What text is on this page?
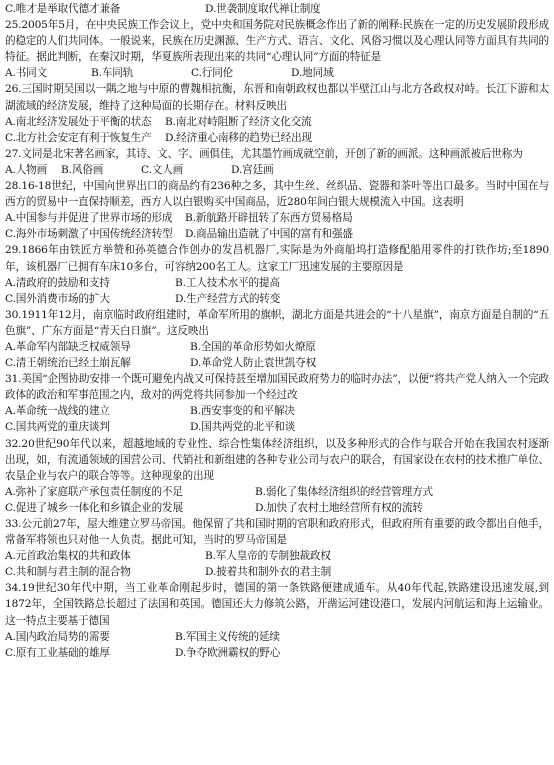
C.唯才是举取代德才兼备	D.世袭制度取代禅让制度
25.2005年5月，在中央民族工作会议上，党中央和国务院对民族概念作出了新的阐释:民族在一定的历史发展阶段形成的稳定的人们共同体。一般说来，民族在历史渊源、生产方式、语言、文化、风俗习惯以及心理认同等方面具有共同的特征。据此判断，在秦汉时期，华夏族所表现出来的共同“心理认同”方面的特征是
A.书同文	B.车同轨	C.行同伦	D.地同域
26.三国时期吴国以一隅之地与中原的曹魏相抗衡，东晋和南朝政权也都以半壁江山与北方各政权对峙。长江下游和太湖流域的经济发展，维持了这种局面的长期存在。材料反映出
A.南北经济发展处于平衡的状态	B.南北对峙阻断了经济文化交流
C.北方社会安定有利于恢复生产	D.经济重心南移的趋势已经出现
27.文同是北宋著名画家，其诗、文、字、画俱佳，尤其墨竹画成就空前，开创了新的画派。这种画派被后世称为
A.人物画	B.风俗画	C.文人画	D.宫廷画
28.16-18世纪，中国向世界出口的商品约有236种之多，其中生丝、丝织品、瓷器和茶叶等出口最多。当时中国在与西方的贸易中一直保持顺差，西方人以白银购买中国商品，近280年间白银大规模流入中国。这表明
A.中国参与并促进了世界市场的形成	B.新航路开辟扭转了东西方贸易格局
C.海外市场刺激了中国传统经济转型	D.商品输出造就了中国的富有和强盛
29.1866年由铁匠方举赞和孙英德合作创办的发昌机器厂,实际是为外商船坞打造修配船用零件的打铁作坊;至1890年，该机器厂已拥有车床10多台，可容纳200名工人。这家工厂迅速发展的主要原因是
A.清政府的鼓励和支持	B.工人技术水平的提高
C.国外消费市场的扩大	D.生产经营方式的转变
30.1911年12月，南京临时政府组建时，革命军所用的旗帜，湖北方面是共进会的“十八星旗”，南京方面是自制的“五色旗”、广东方面是“青天白日旗”。这反映出
A.革命军内部缺乏权威领导	B.全国的革命形势如火燎原
C.清王朝统治已经土崩瓦解	D.革命党人防止袁世凯夺权
31.美国“企图协助安排一个既可避免内战又可保持甚至增加国民政府势力的临时办法”，以便“将共产党人纳入一个完政政体的政治和军事范围之内，敌对的两党将共同参加一个经过改
A.革命统一战线的建立	B.西安事变的和平解决
C.国共两党的重庆谈判	D.国共两党的北平和谈
32.20世纪90年代以来，超越地域的专业性、综合性集体经济组织，以及多种形式的合作与联合开始在我国农村逐渐出现，如，有流通领域的国营公司、代销社和新组建的各种专业公司与农户的联合，有国家设在农村的技术推广单位、农垦企业与农户的联合等等。这种现象的出现
A.弥补了家庭联产承包责任制度的不足	B.弱化了集体经济组织的经营管理方式
C.促进了城乡一体化和乡镇企业的发展	D.加快了农村土地经营所有权的流转
33.公元前27年，屋大维建立罗马帝国。他保留了共和国时期的官职和政府形式，但政府所有重要的政令都出自他手，常备军将领也只对他一人负责。据此可知，当时的罗马帝国是
A.元首政治集权的共和政体	B.军人皇帝的专制独裁政权
C.共和制与君主制的混合物	D.披着共和制外衣的君主制
34.19世纪30年代中期，当工业革命刚起步时，德国的第一条铁路便建成通车。从40年代起,铁路建设迅速发展,到1872年，全国铁路总长超过了法国和英国。德国还大力修筑公路，开凿运河建设港口，发展内河航运和海上运输业。这一特点主要基于德国
A.国内政治局势的需要	B.军国主义传统的延续
C.原有工业基础的雄厚	D.争夺欧洲霸权的野心
